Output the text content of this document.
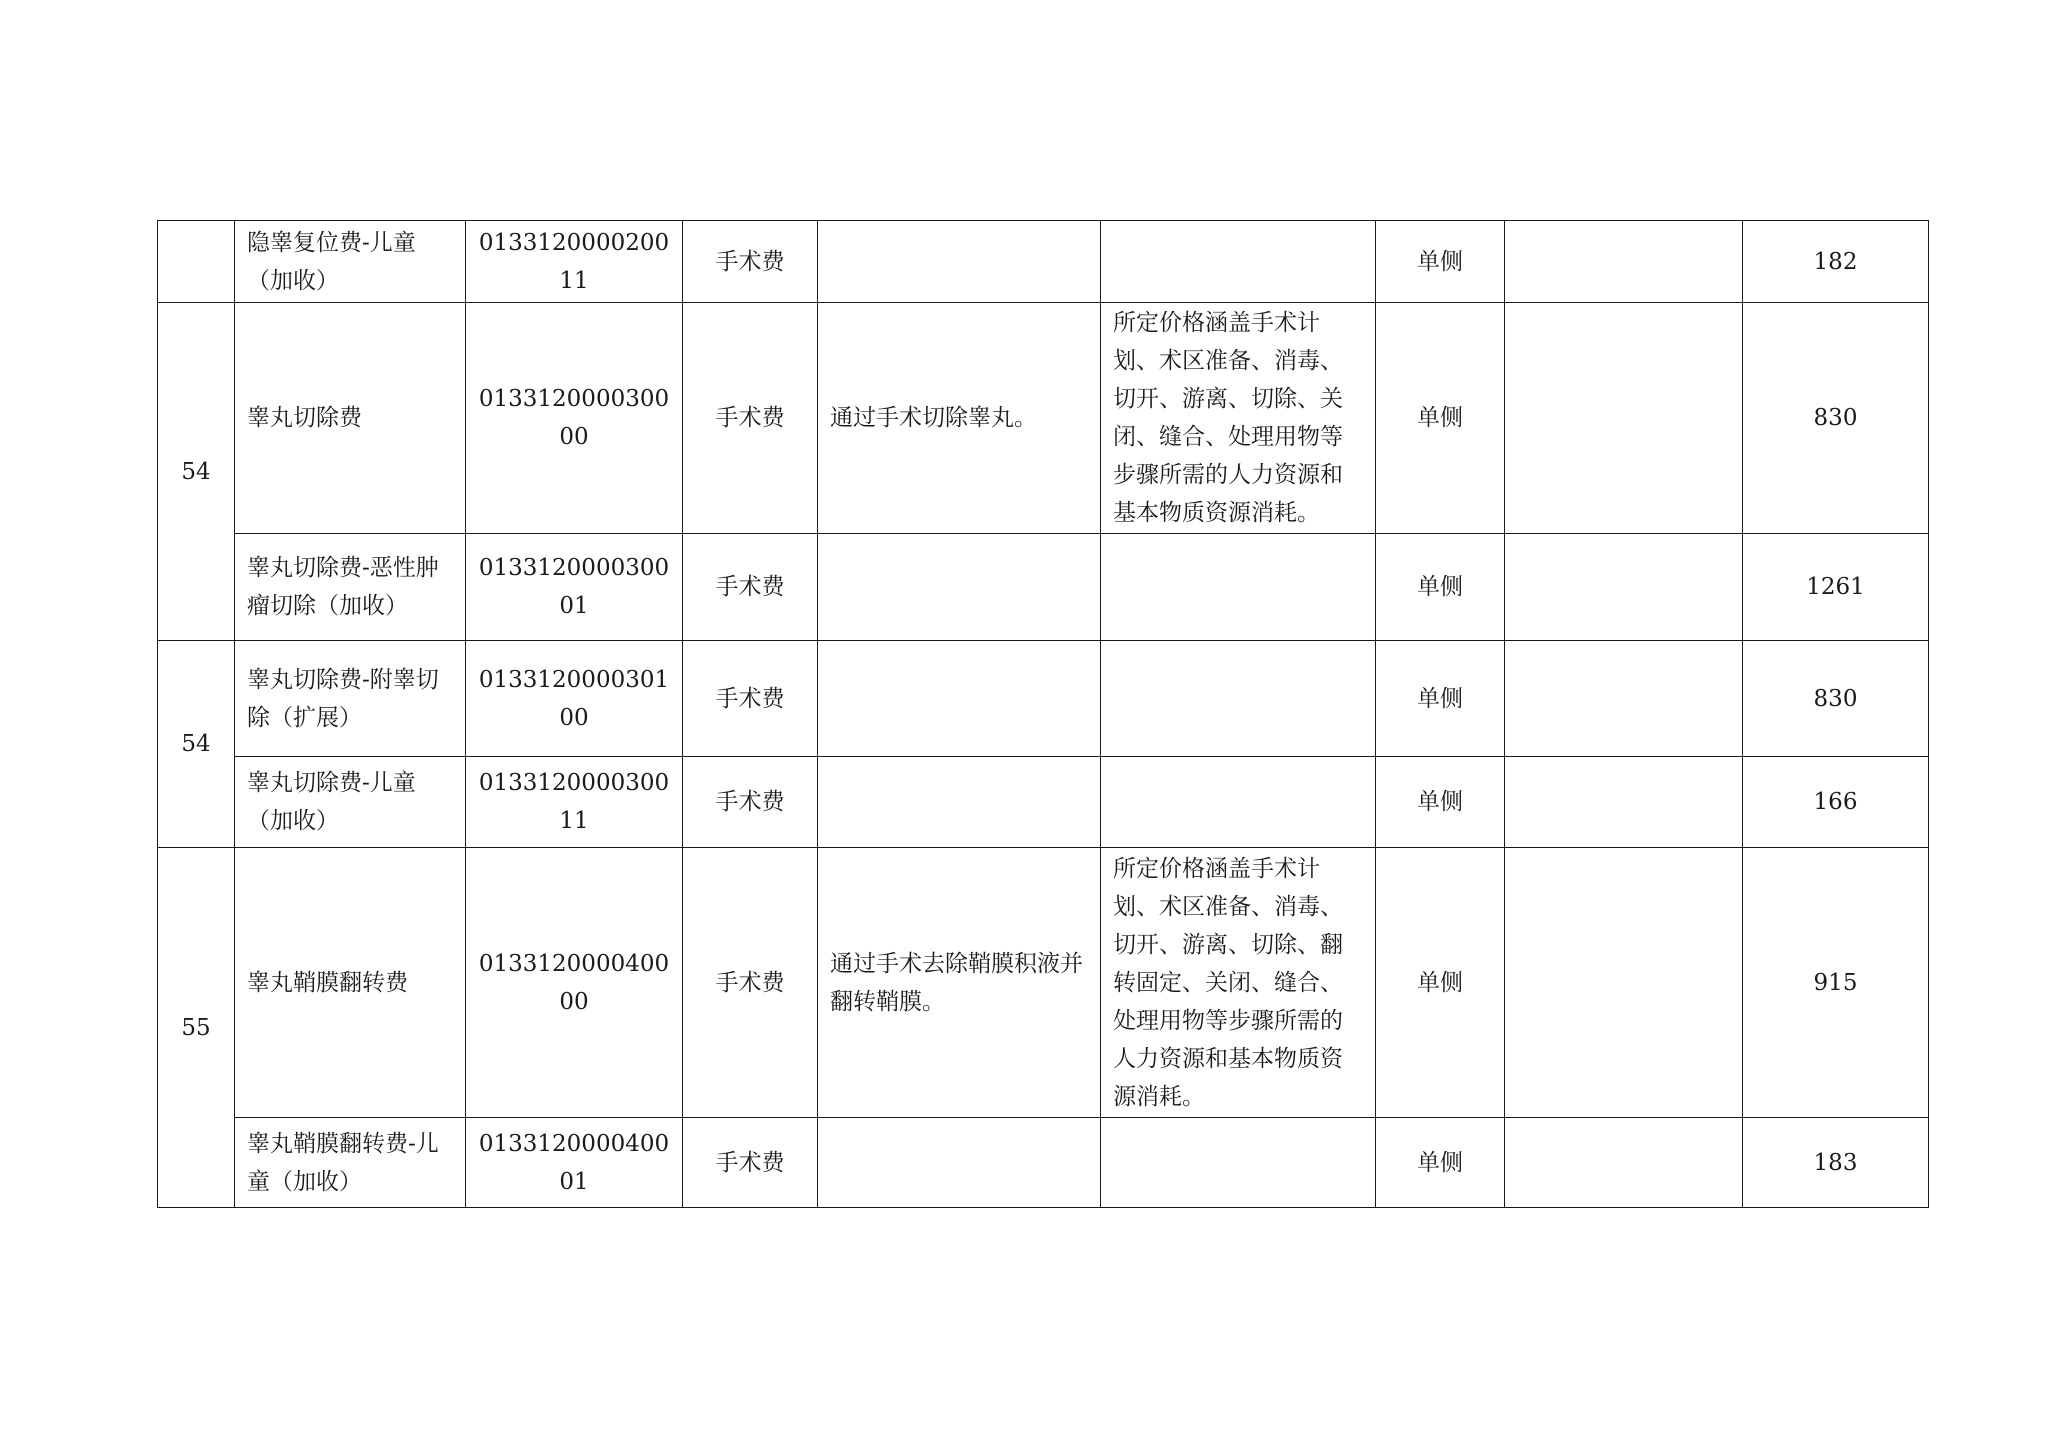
	隐睾复位费-儿童（加收）	013312000020011	手术费			单侧		182
54	睾丸切除费	013312000030000	手术费	通过手术切除睾丸。	所定价格涵盖手术计划、术区准备、消毒、切开、游离、切除、关闭、缝合、处理用物等步骤所需的人力资源和基本物质资源消耗。	单侧		830
	睾丸切除费-恶性肿瘤切除（加收）	013312000030001	手术费			单侧		1261
54	睾丸切除费-附睾切除（扩展）	013312000030100	手术费			单侧		830
	睾丸切除费-儿童（加收）	013312000030011	手术费			单侧		166
55	睾丸鞘膜翻转费	013312000040000	手术费	通过手术去除鞘膜积液并翻转鞘膜。	所定价格涵盖手术计划、术区准备、消毒、切开、游离、切除、翻转固定、关闭、缝合、处理用物等步骤所需的人力资源和基本物质资源消耗。	单侧		915
	睾丸鞘膜翻转费-儿童（加收）	013312000040001	手术费			单侧		183
